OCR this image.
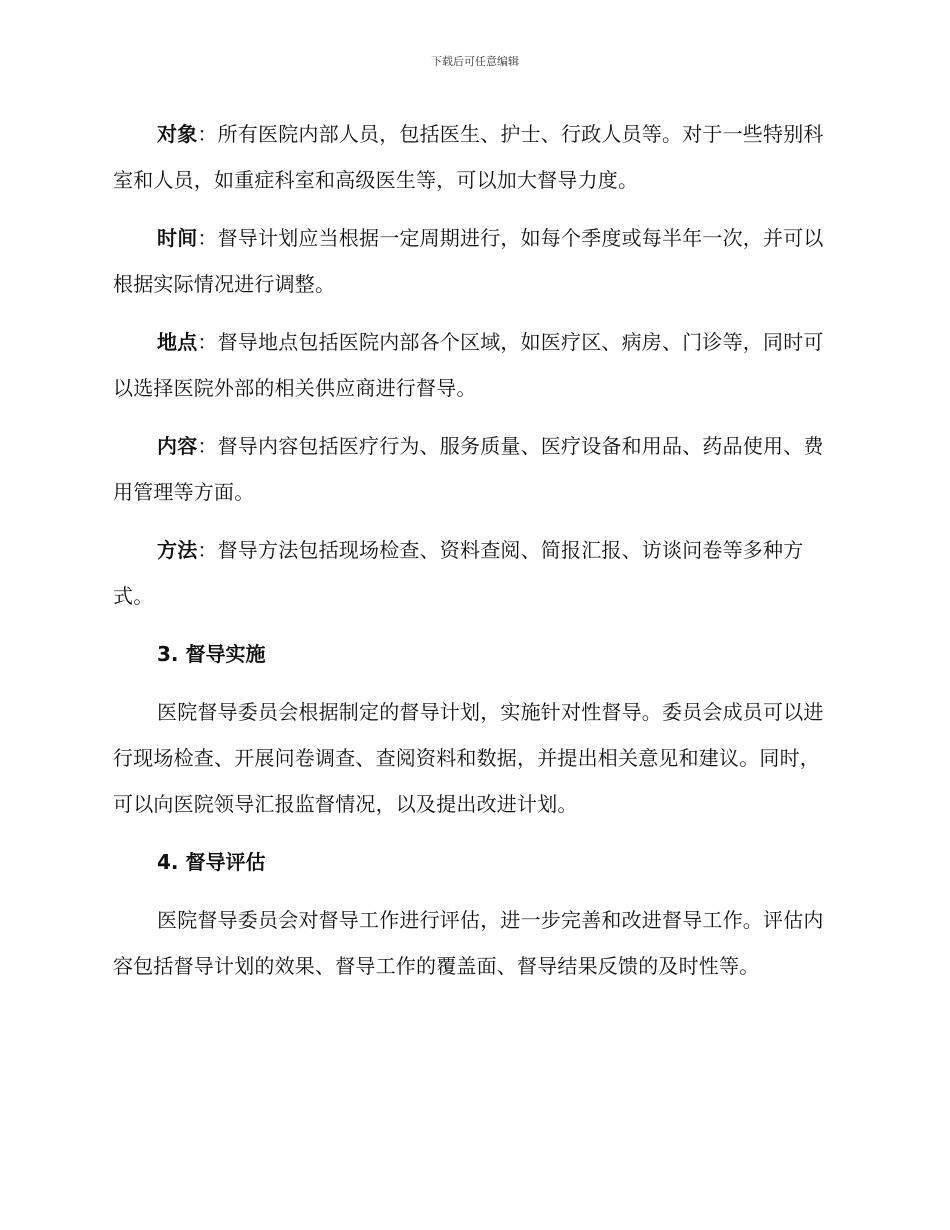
下载后可任意编辑

对象：所有医院内部人员，包括医生、护士、行政人员等。对于一些特别科室和人员，如重症科室和高级医生等，可以加大督导力度。

时间：督导计划应当根据一定周期进行，如每个季度或每半年一次，并可以根据实际情况进行调整。

地点：督导地点包括医院内部各个区域，如医疗区、病房、门诊等，同时可以选择医院外部的相关供应商进行督导。

内容：督导内容包括医疗行为、服务质量、医疗设备和用品、药品使用、费用管理等方面。

方法：督导方法包括现场检查、资料查阅、简报汇报、访谈问卷等多种方式。

3. 督导实施

医院督导委员会根据制定的督导计划，实施针对性督导。委员会成员可以进行现场检查、开展问卷调查、查阅资料和数据，并提出相关意见和建议。同时，可以向医院领导汇报监督情况，以及提出改进计划。

4. 督导评估

医院督导委员会对督导工作进行评估，进一步完善和改进督导工作。评估内容包括督导计划的效果、督导工作的覆盖面、督导结果反馈的及时性等。
